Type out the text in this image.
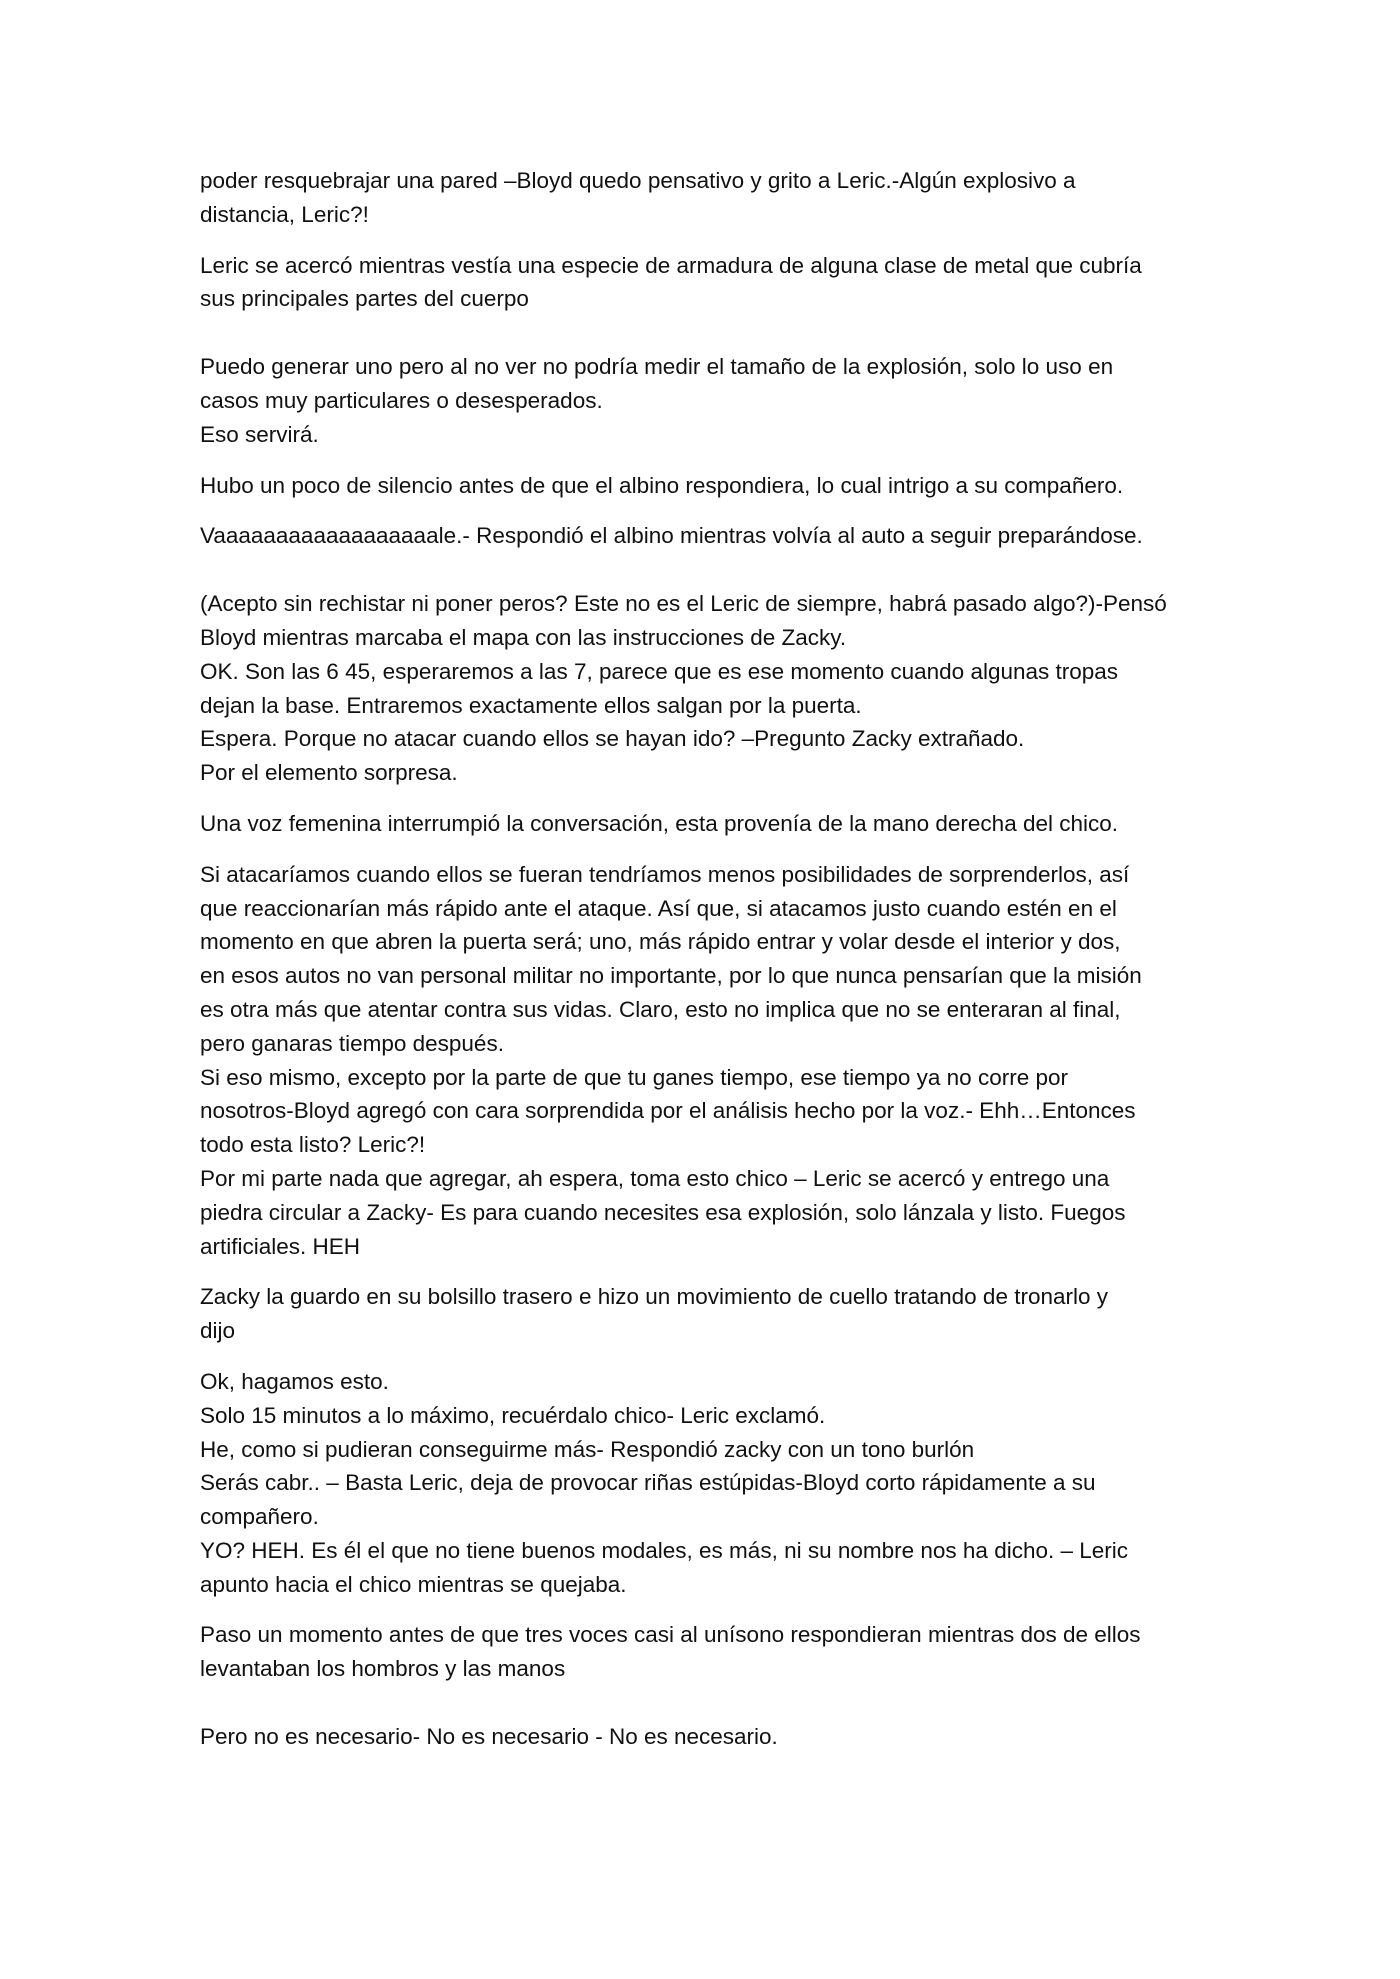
poder resquebrajar una pared –Bloyd quedo pensativo y grito a Leric.-Algún explosivo a
distancia, Leric?!

Leric se acercó mientras vestía una especie de armadura de alguna clase de metal que cubría
sus principales partes del cuerpo

Puedo generar uno pero al no ver no podría medir el tamaño de la explosión, solo lo uso en
casos muy particulares o desesperados.
Eso servirá.

Hubo un poco de silencio antes de que el albino respondiera, lo cual intrigo a su compañero.

Vaaaaaaaaaaaaaaaaaale.- Respondió el albino mientras volvía al auto a seguir preparándose.

(Acepto sin rechistar ni poner peros? Este no es el Leric de siempre, habrá pasado algo?)-Pensó
Bloyd mientras marcaba el mapa con las instrucciones de Zacky.
OK. Son las 6 45, esperaremos a las 7, parece que es ese momento cuando algunas tropas
dejan la base. Entraremos exactamente ellos salgan por la puerta.
Espera. Porque no atacar cuando ellos se hayan ido? –Pregunto Zacky extrañado.
Por el elemento sorpresa.

Una voz femenina interrumpió la conversación, esta provenía de la mano derecha del chico.

Si atacaríamos cuando ellos se fueran tendríamos menos posibilidades de sorprenderlos, así
que reaccionarían más rápido ante el ataque. Así que, si atacamos justo cuando estén en el
momento en que abren la puerta será; uno, más rápido entrar y volar desde el interior y dos,
en esos autos no van personal militar no importante, por lo que nunca pensarían que la misión
es otra más que atentar contra sus vidas. Claro, esto no implica que no se enteraran al final,
pero ganaras tiempo después.
Si eso mismo, excepto por la parte de que tu ganes tiempo, ese tiempo ya no corre por
nosotros-Bloyd agregó con cara sorprendida por el análisis hecho por la voz.- Ehh…Entonces
todo esta listo? Leric?!
Por mi parte nada que agregar, ah espera, toma esto chico – Leric se acercó y entrego una
piedra circular a Zacky- Es para cuando necesites esa explosión, solo lánzala y listo. Fuegos
artificiales. HEH

Zacky la guardo en su bolsillo trasero e hizo un movimiento de cuello tratando de tronarlo y
dijo

Ok, hagamos esto.
Solo 15 minutos a lo máximo, recuérdalo chico- Leric exclamó.
He, como si pudieran conseguirme más- Respondió zacky con un tono burlón
Serás cabr.. – Basta Leric, deja de provocar riñas estúpidas-Bloyd corto rápidamente a su
compañero.
YO? HEH. Es él el que no tiene buenos modales, es más, ni su nombre nos ha dicho. – Leric
apunto hacia el chico mientras se quejaba.

Paso un momento antes de que tres voces casi al unísono respondieran mientras dos de ellos
levantaban los hombros y las manos

Pero no es necesario- No es necesario - No es necesario.
